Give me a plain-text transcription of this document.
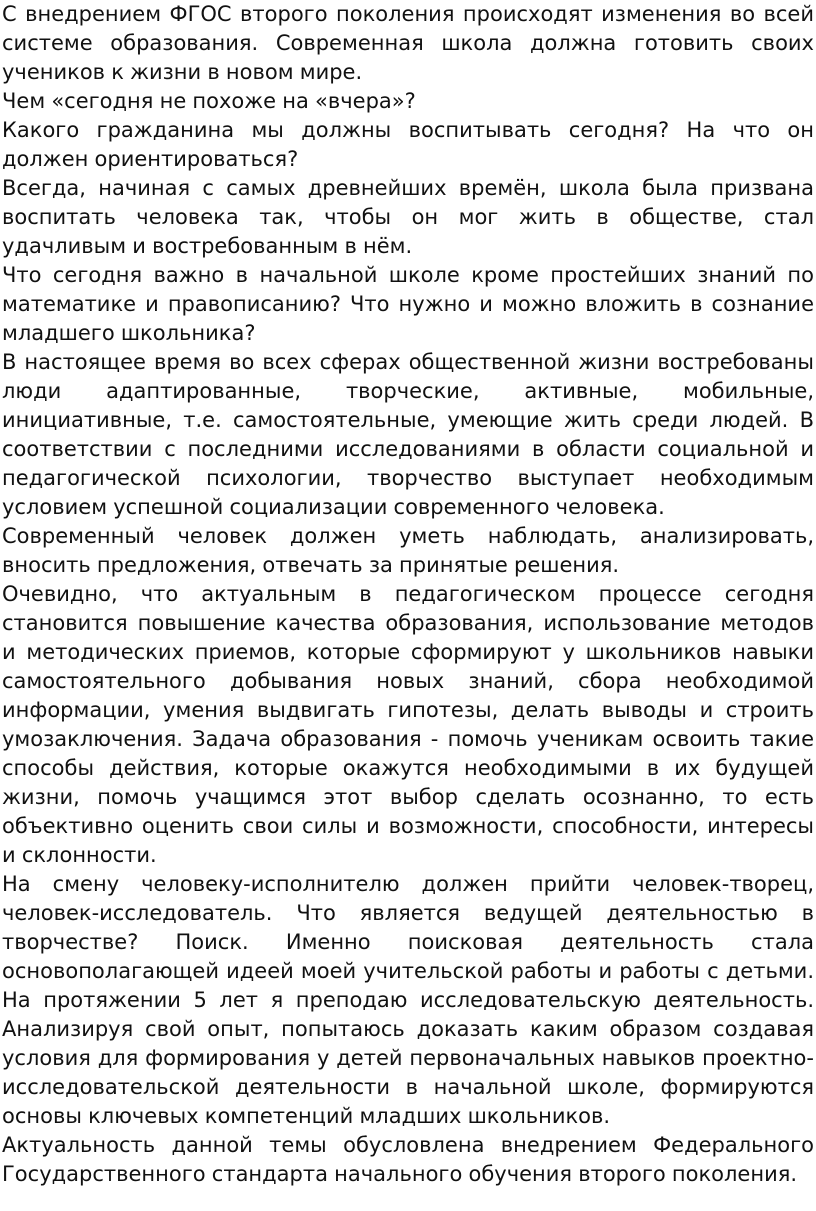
С внедрением ФГОС второго поколения происходят изменения во всей системе образования. Современная школа должна готовить своих учеников к жизни в новом мире.

Чем «сегодня не похоже на «вчера»?

Какого гражданина мы должны воспитывать сегодня? На что он должен ориентироваться?

Всегда, начиная с самых древнейших времён, школа была призвана воспитать человека так, чтобы он мог жить в обществе, стал удачливым и востребованным в нём.

Что сегодня важно в начальной школе кроме простейших знаний по математике и правописанию? Что нужно и можно вложить в сознание младшего школьника?

В настоящее время во всех сферах общественной жизни востребованы люди адаптированные, творческие, активные, мобильные, инициативные, т.е. самостоятельные, умеющие жить среди людей. В соответствии с последними исследованиями в области социальной и педагогической психологии, творчество выступает необходимым условием успешной социализации современного человека.

Современный человек должен уметь наблюдать, анализировать, вносить предложения, отвечать за принятые решения.

Очевидно, что актуальным в педагогическом процессе сегодня становится повышение качества образования, использование методов и методических приемов, которые сформируют у школьников навыки самостоятельного добывания новых знаний, сбора необходимой информации, умения выдвигать гипотезы, делать выводы и строить умозаключения. Задача образования - помочь ученикам освоить такие способы действия, которые окажутся необходимыми в их будущей жизни, помочь учащимся этот выбор сделать осознанно, то есть объективно оценить свои силы и возможности, способности, интересы и склонности.

На смену человеку-исполнителю должен прийти человек-творец, человек-исследователь. Что является ведущей деятельностью в творчестве? Поиск. Именно поисковая деятельность стала основополагающей идеей моей учительской работы и работы с детьми. На протяжении 5 лет я преподаю исследовательскую деятельность. Анализируя свой опыт, попытаюсь доказать каким образом создавая условия для формирования у детей первоначальных навыков проектно-исследовательской деятельности в начальной школе, формируются основы ключевых компетенций младших школьников.

Актуальность данной темы обусловлена внедрением Федерального Государственного стандарта начального обучения второго поколения.
